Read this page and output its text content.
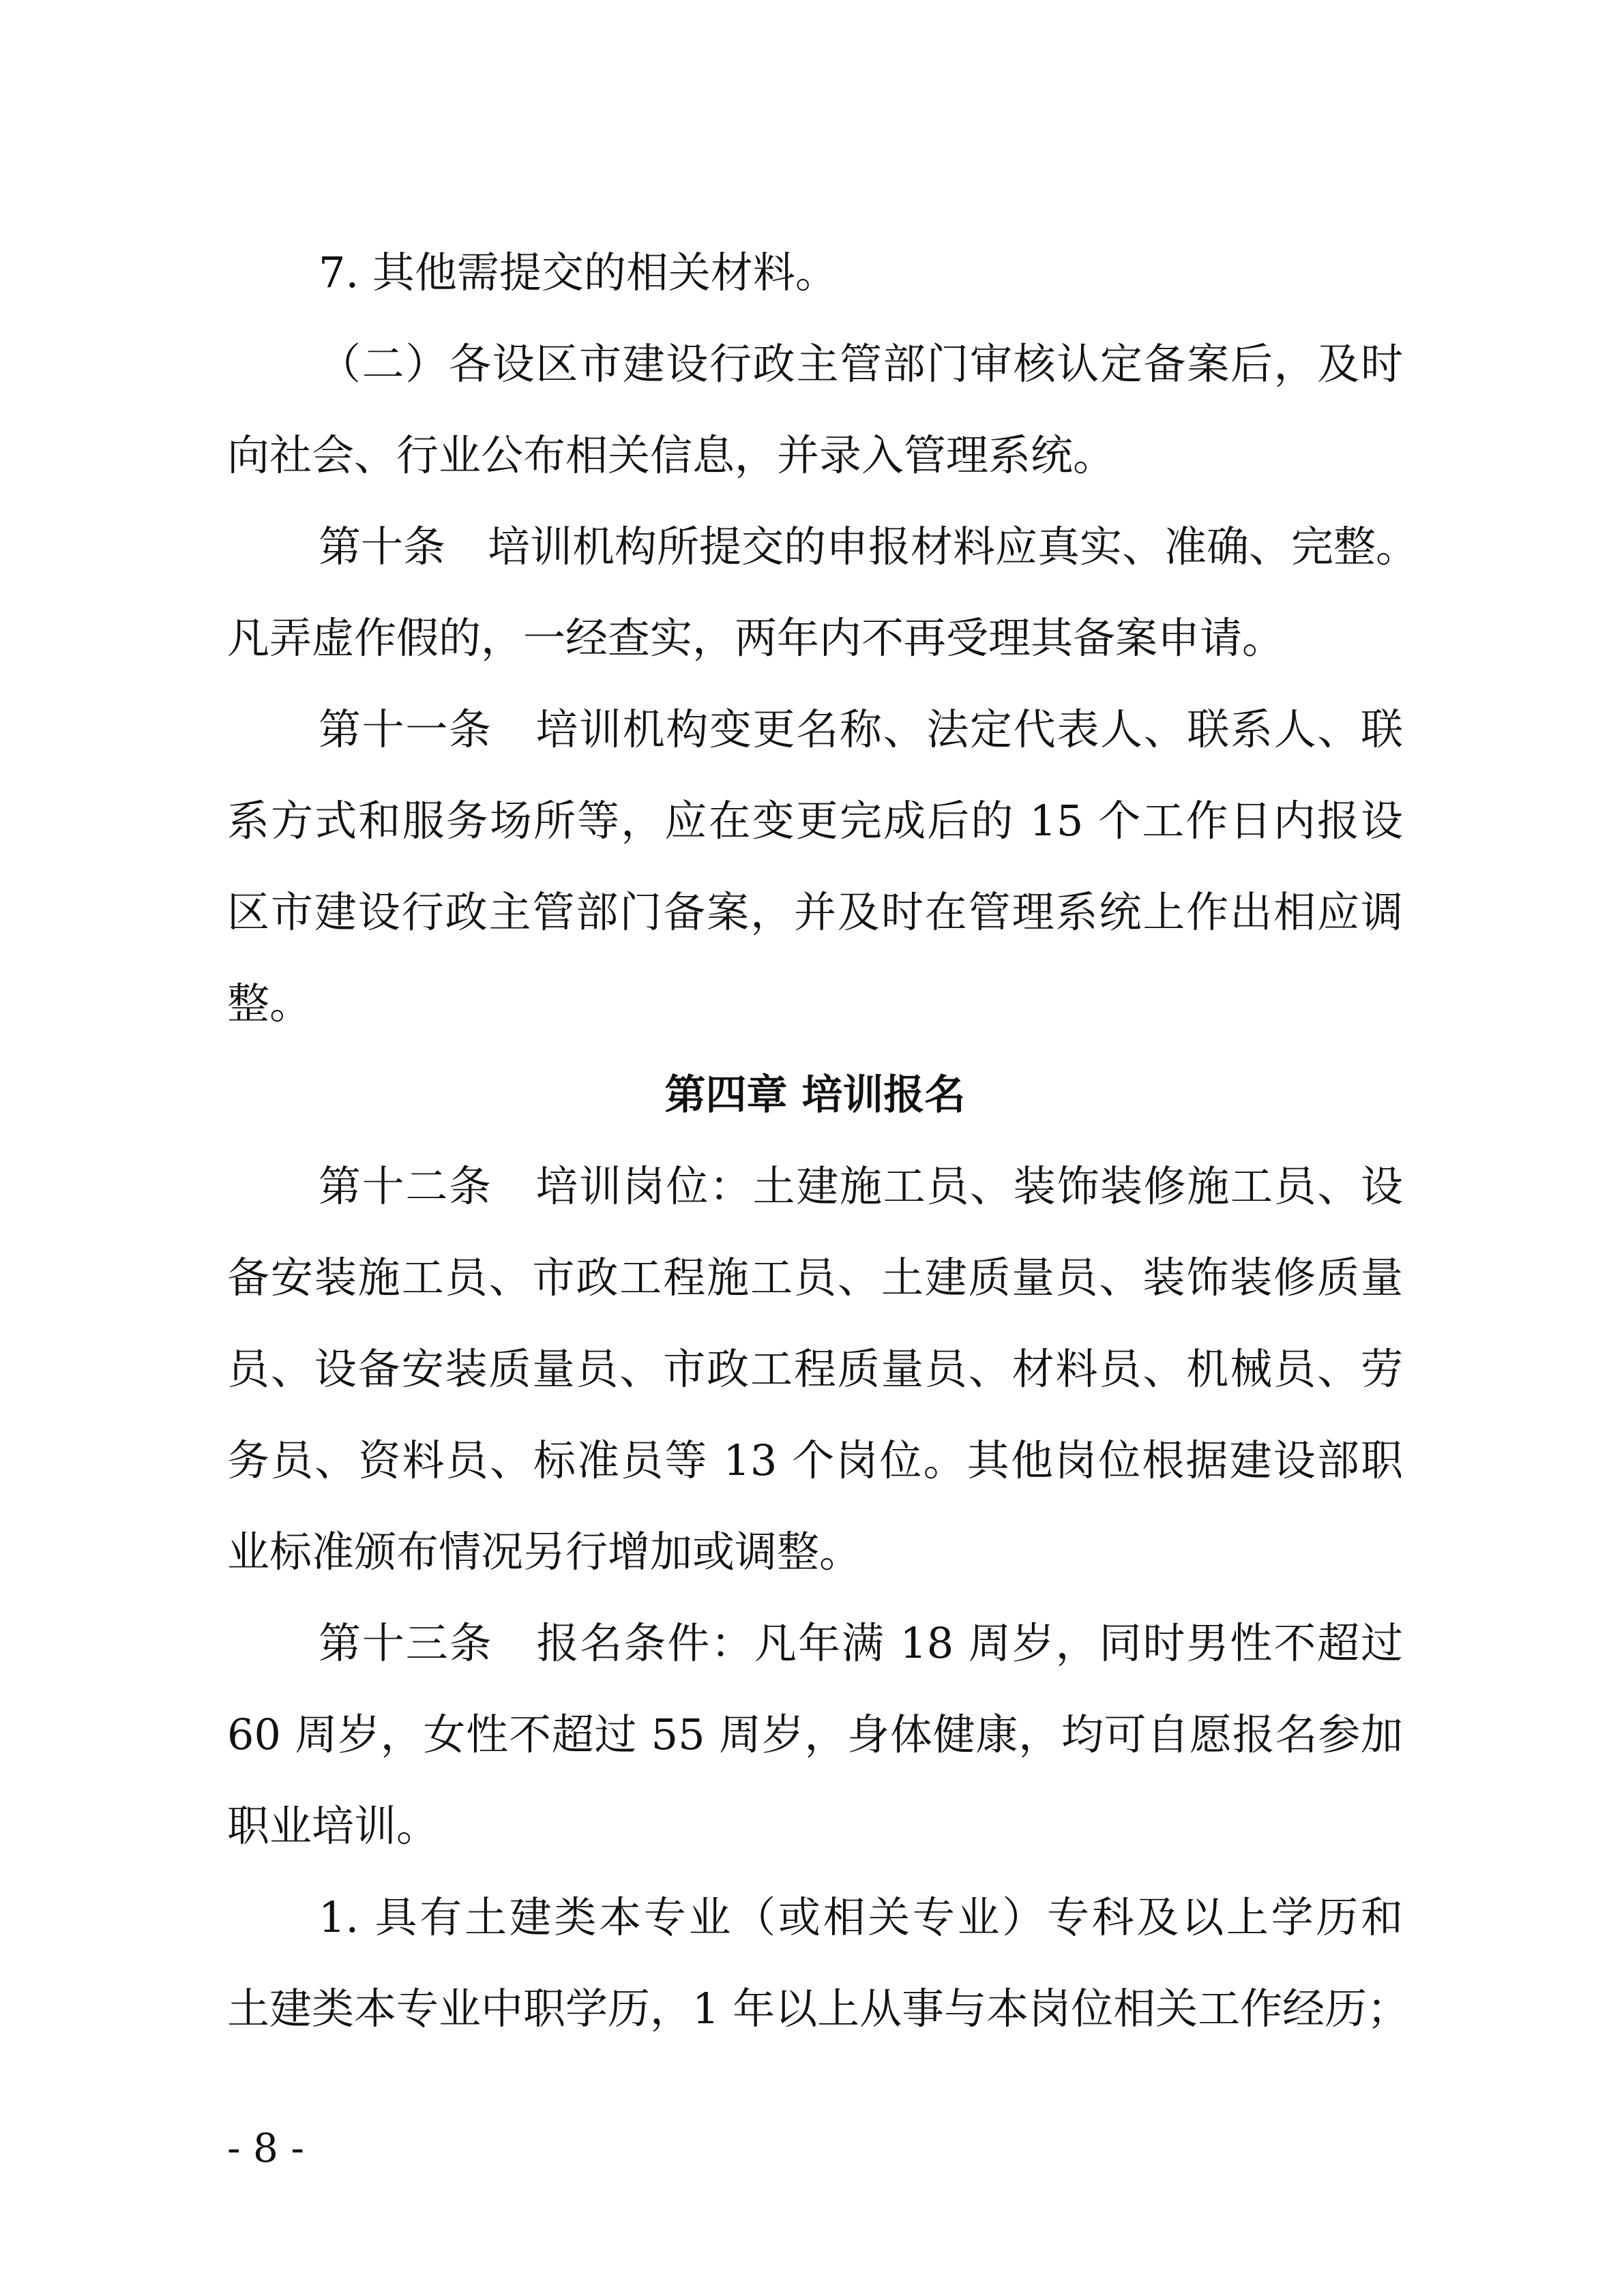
7. 其他需提交的相关材料。
（二）各设区市建设行政主管部门审核认定备案后，及时
向社会、行业公布相关信息，并录入管理系统。
第十条　培训机构所提交的申报材料应真实、准确、完整。
凡弄虚作假的，一经查实，两年内不再受理其备案申请。
第十一条　培训机构变更名称、法定代表人、联系人、联
系方式和服务场所等，应在变更完成后的 15 个工作日内报设
区市建设行政主管部门备案，并及时在管理系统上作出相应调
整。
第四章 培训报名
第十二条　培训岗位：土建施工员、装饰装修施工员、设
备安装施工员、市政工程施工员、土建质量员、装饰装修质量
员、设备安装质量员、市政工程质量员、材料员、机械员、劳
务员、资料员、标准员等 13 个岗位。其他岗位根据建设部职
业标准颁布情况另行增加或调整。
第十三条　报名条件：凡年满 18 周岁，同时男性不超过
60 周岁，女性不超过 55 周岁，身体健康，均可自愿报名参加
职业培训。
1. 具有土建类本专业（或相关专业）专科及以上学历和
土建类本专业中职学历，1 年以上从事与本岗位相关工作经历；
- 8 -
